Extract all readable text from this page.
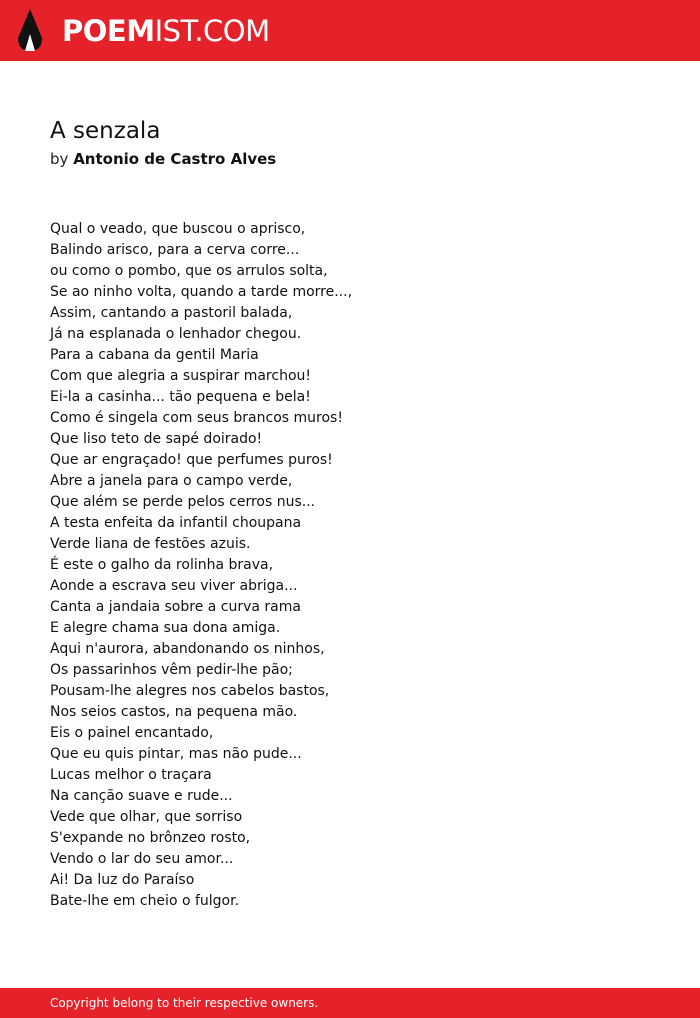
POEMIST.COM
A senzala
by Antonio de Castro Alves
Qual o veado, que buscou o aprisco,
Balindo arisco, para a cerva corre...
ou como o pombo, que os arrulos solta,
Se ao ninho volta, quando a tarde morre...,
Assim, cantando a pastoril balada,
Já na esplanada o lenhador chegou.
Para a cabana da gentil Maria
Com que alegria a suspirar marchou!
Ei-la a casinha... tão pequena e bela!
Como é singela com seus brancos muros!
Que liso teto de sapé doirado!
Que ar engraçado! que perfumes puros!
Abre a janela para o campo verde,
Que além se perde pelos cerros nus...
A testa enfeita da infantil choupana
Verde liana de festões azuis.
É este o galho da rolinha brava,
Aonde a escrava seu viver abriga...
Canta a jandaia sobre a curva rama
E alegre chama sua dona amiga.
Aqui n'aurora, abandonando os ninhos,
Os passarinhos vêm pedir-lhe pão;
Pousam-lhe alegres nos cabelos bastos,
Nos seios castos, na pequena mão.
Eis o painel encantado,
Que eu quis pintar, mas não pude...
Lucas melhor o traçara
Na canção suave e rude...
Vede que olhar, que sorriso
S'expande no brônzeo rosto,
Vendo o lar do seu amor...
Ai! Da luz do Paraíso
Bate-lhe em cheio o fulgor.
Copyright belong to their respective owners.
